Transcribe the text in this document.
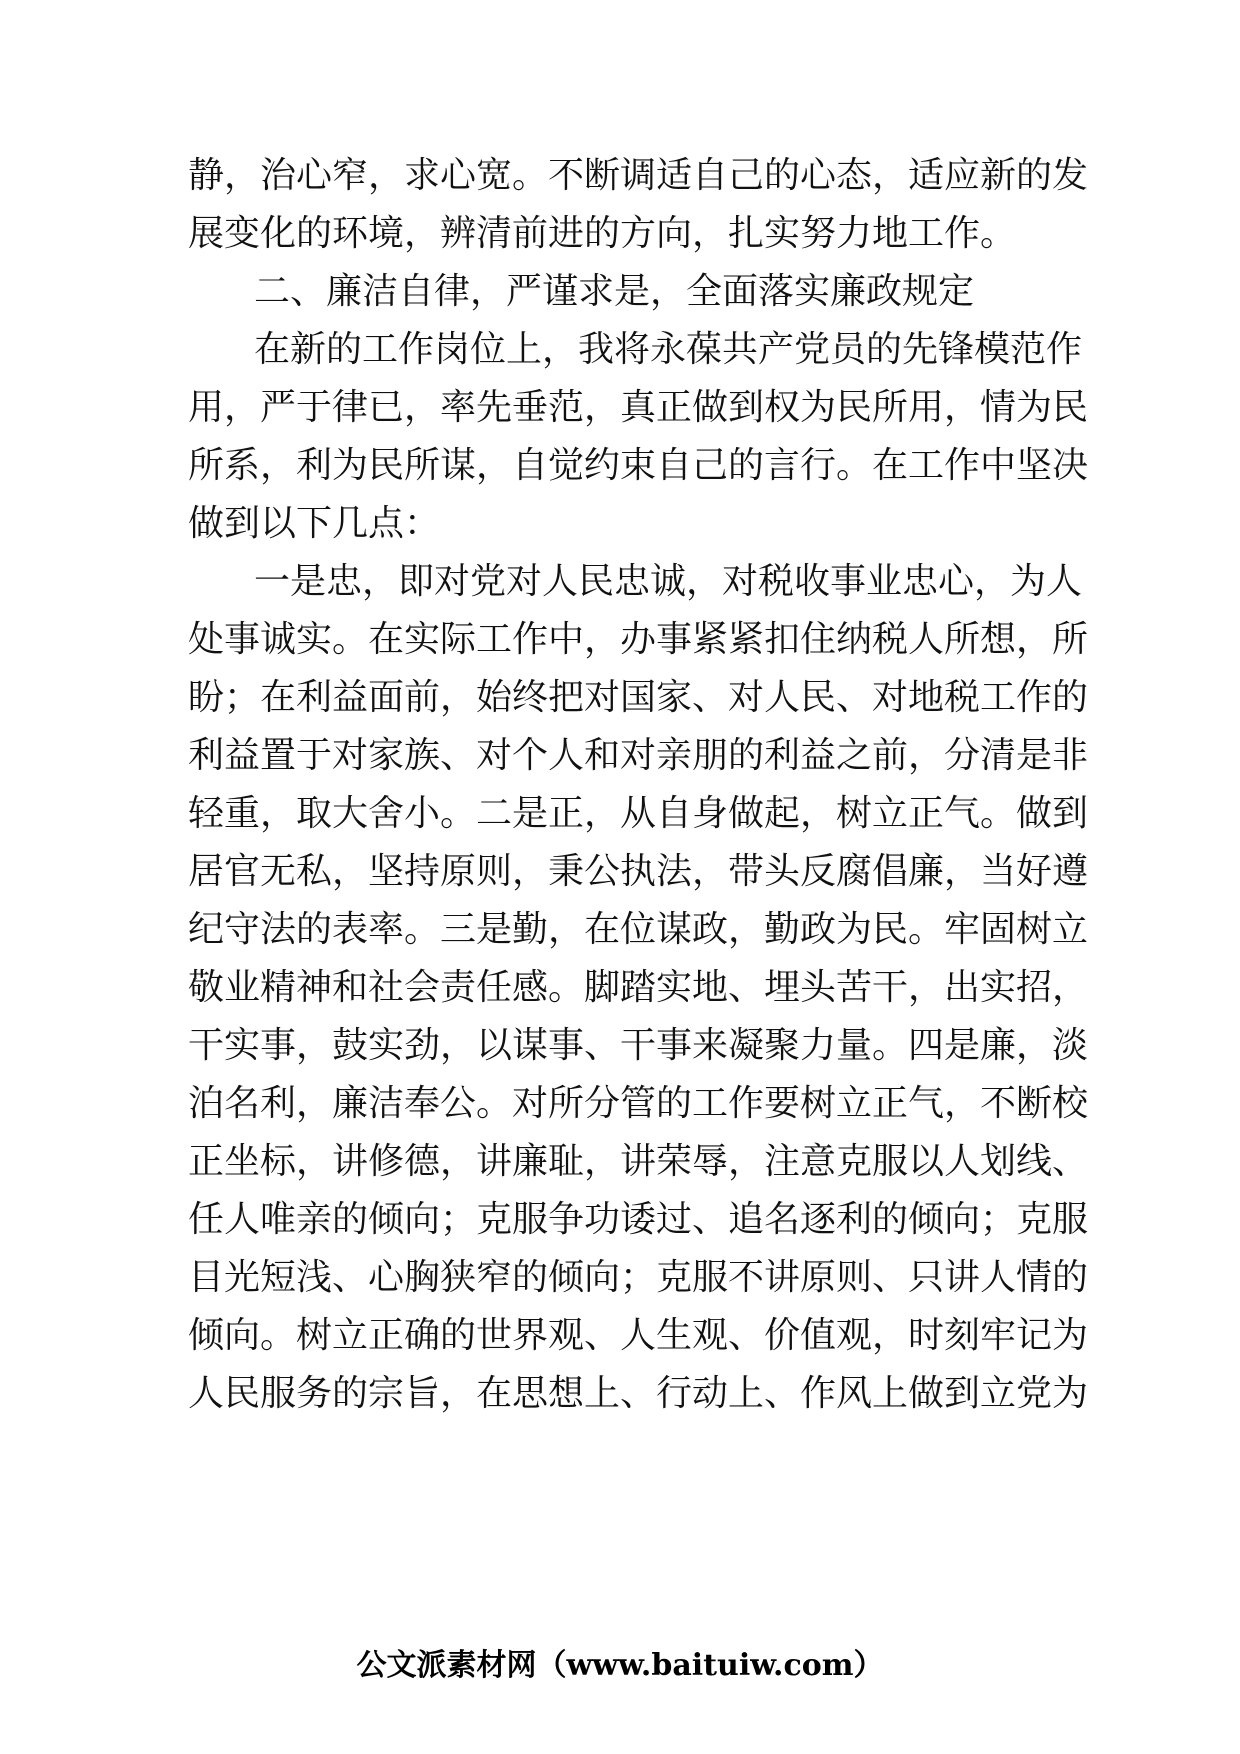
静，治心窄，求心宽。不断调适自己的心态，适应新的发
展变化的环境，辨清前进的方向，扎实努力地工作。
二、廉洁自律，严谨求是，全面落实廉政规定
在新的工作岗位上，我将永葆共产党员的先锋模范作
用，严于律已，率先垂范，真正做到权为民所用，情为民
所系，利为民所谋，自觉约束自己的言行。在工作中坚决
做到以下几点：
一是忠，即对党对人民忠诚，对税收事业忠心，为人
处事诚实。在实际工作中，办事紧紧扣住纳税人所想，所
盼；在利益面前，始终把对国家、对人民、对地税工作的
利益置于对家族、对个人和对亲朋的利益之前，分清是非
轻重，取大舍小。二是正，从自身做起，树立正气。做到
居官无私，坚持原则，秉公执法，带头反腐倡廉，当好遵
纪守法的表率。三是勤，在位谋政，勤政为民。牢固树立
敬业精神和社会责任感。脚踏实地、埋头苦干，出实招，
干实事，鼓实劲，以谋事、干事来凝聚力量。四是廉，淡
泊名利，廉洁奉公。对所分管的工作要树立正气，不断校
正坐标，讲修德，讲廉耻，讲荣辱，注意克服以人划线、
任人唯亲的倾向；克服争功诿过、追名逐利的倾向；克服
目光短浅、心胸狭窄的倾向；克服不讲原则、只讲人情的
倾向。树立正确的世界观、人生观、价值观，时刻牢记为
人民服务的宗旨，在思想上、行动上、作风上做到立党为
公文派素材网（www.baituiw.com）
